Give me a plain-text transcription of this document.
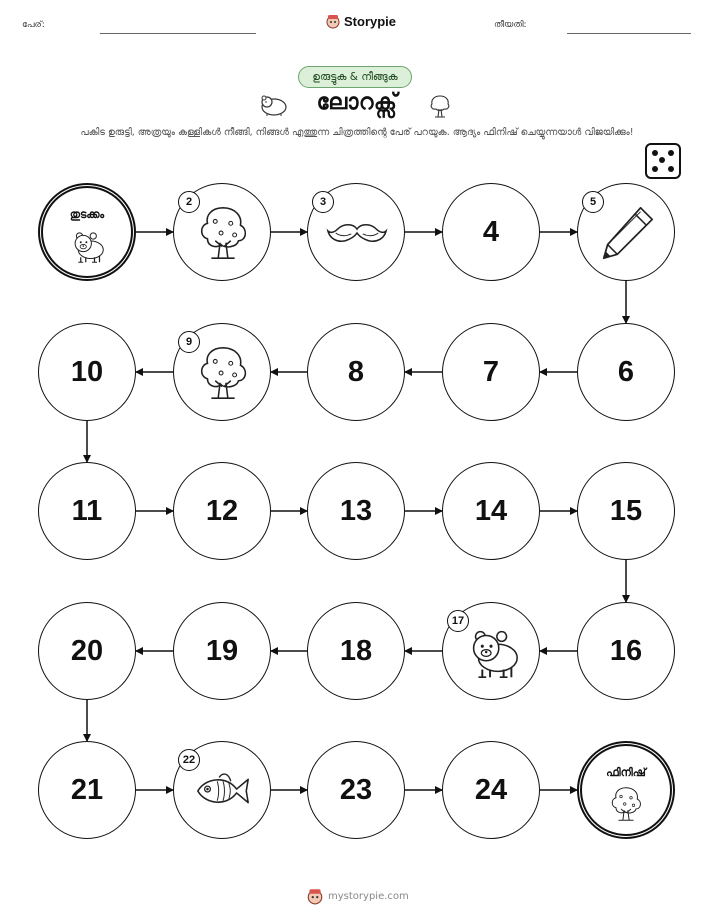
പേര്:	Storypie	തീയതി:
ഉരുട്ടുക & നീങ്ങുക
ലോറക്സ്
പകിട ഉരുട്ടി, അത്രയും കള്ളികൾ നീങ്ങി, നിങ്ങൾ എത്തുന്ന ചിത്രത്തിന്റെ പേര് പറയുക. ആദ്യം ഫിനിഷ് ചെയ്യുന്നയാൾ വിജയിക്കും!
ഫിനിഷ്
24
23
21
20	19	18	16
15
14
13
12
11
10	8	7	6
4
തുടക്കം
2	3	5
9
17
22
mystorypie.com
